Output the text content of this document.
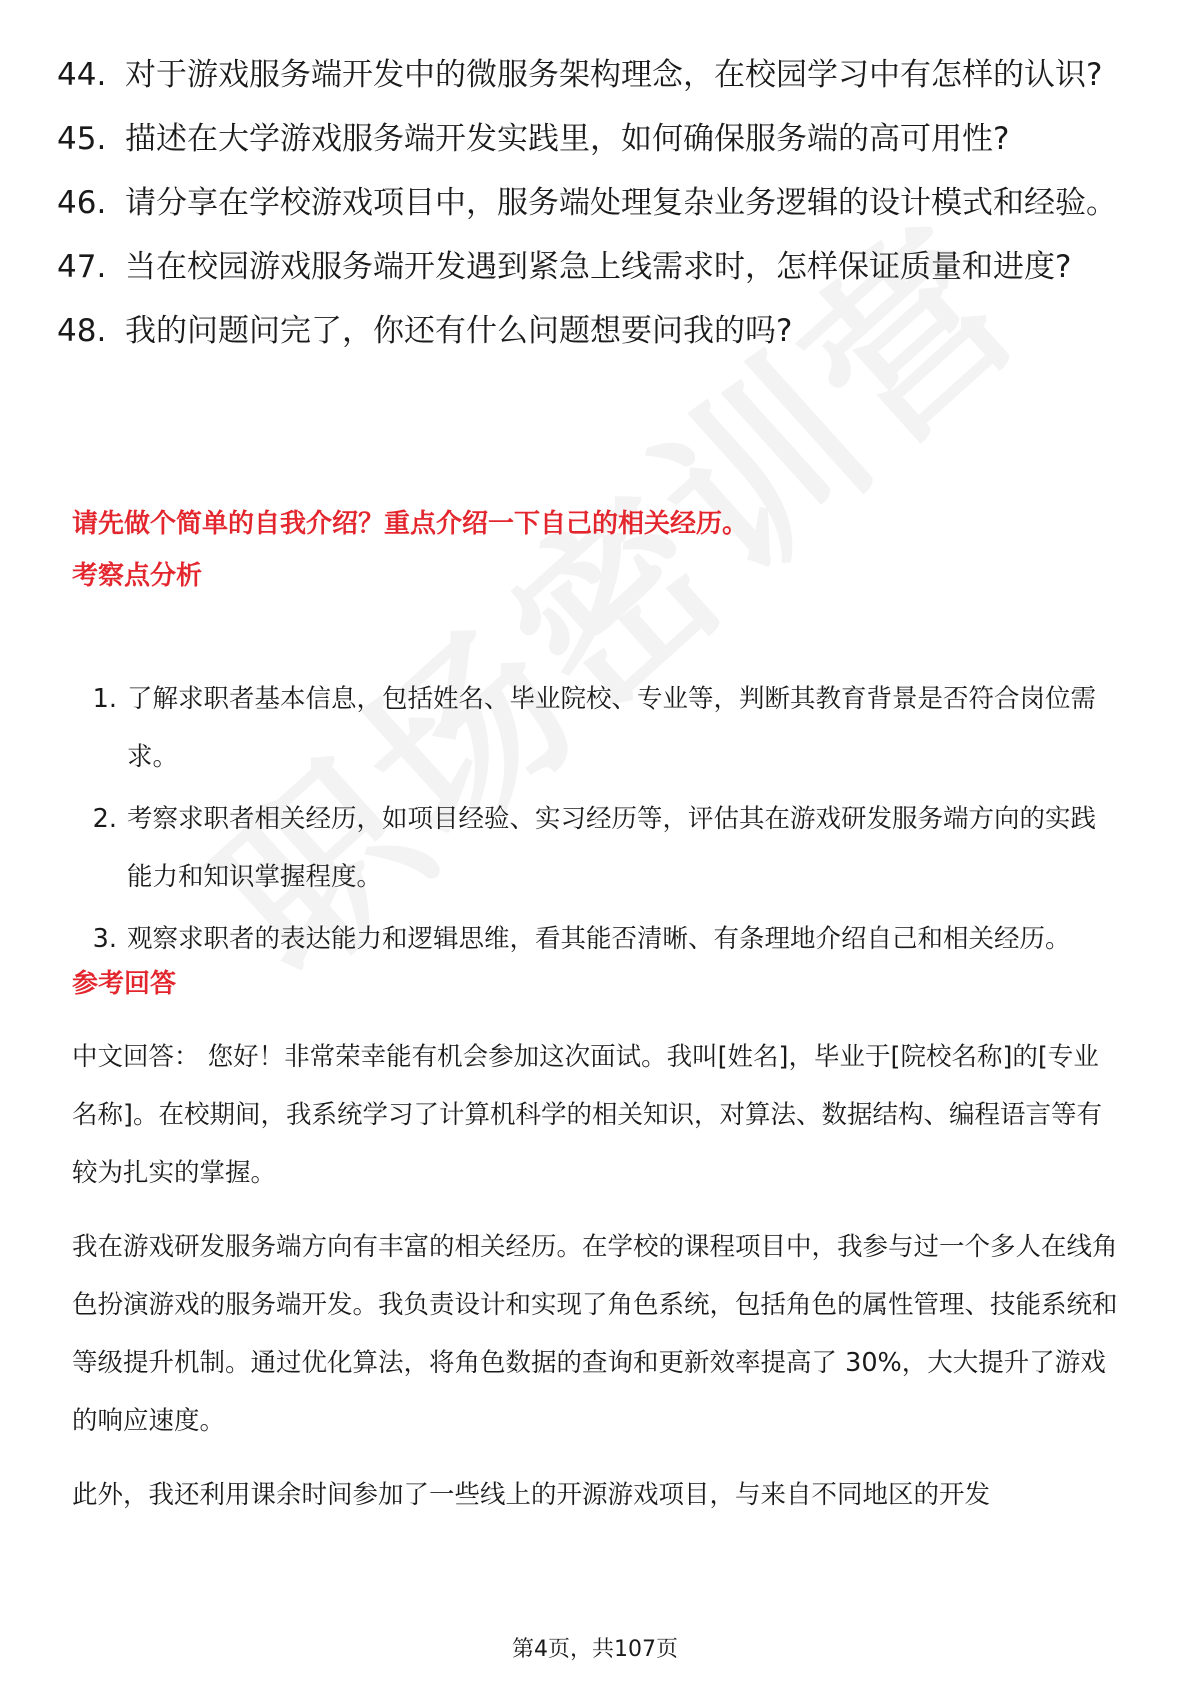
44. 对于游戏服务端开发中的微服务架构理念，在校园学习中有怎样的认识?
45. 描述在大学游戏服务端开发实践里，如何确保服务端的高可用性?
46. 请分享在学校游戏项目中，服务端处理复杂业务逻辑的设计模式和经验。
47. 当在校园游戏服务端开发遇到紧急上线需求时，怎样保证质量和进度?
48. 我的问题问完了，你还有什么问题想要问我的吗?
请先做个简单的自我介绍？重点介绍一下自己的相关经历。
考察点分析
1. 了解求职者基本信息，包括姓名、毕业院校、专业等，判断其教育背景是否符合岗位需求。
2. 考察求职者相关经历，如项目经验、实习经历等，评估其在游戏研发服务端方向的实践能力和知识掌握程度。
3. 观察求职者的表达能力和逻辑思维，看其能否清晰、有条理地介绍自己和相关经历。
参考回答
中文回答： 您好！非常荣幸能有机会参加这次面试。我叫[姓名]，毕业于[院校名称]的[专业名称]。在校期间，我系统学习了计算机科学的相关知识，对算法、数据结构、编程语言等有较为扎实的掌握。
我在游戏研发服务端方向有丰富的相关经历。在学校的课程项目中，我参与过一个多人在线角色扮演游戏的服务端开发。我负责设计和实现了角色系统，包括角色的属性管理、技能系统和等级提升机制。通过优化算法，将角色数据的查询和更新效率提高了 30%，大大提升了游戏的响应速度。
此外，我还利用课余时间参加了一些线上的开源游戏项目，与来自不同地区的开发
第4页，共107页
